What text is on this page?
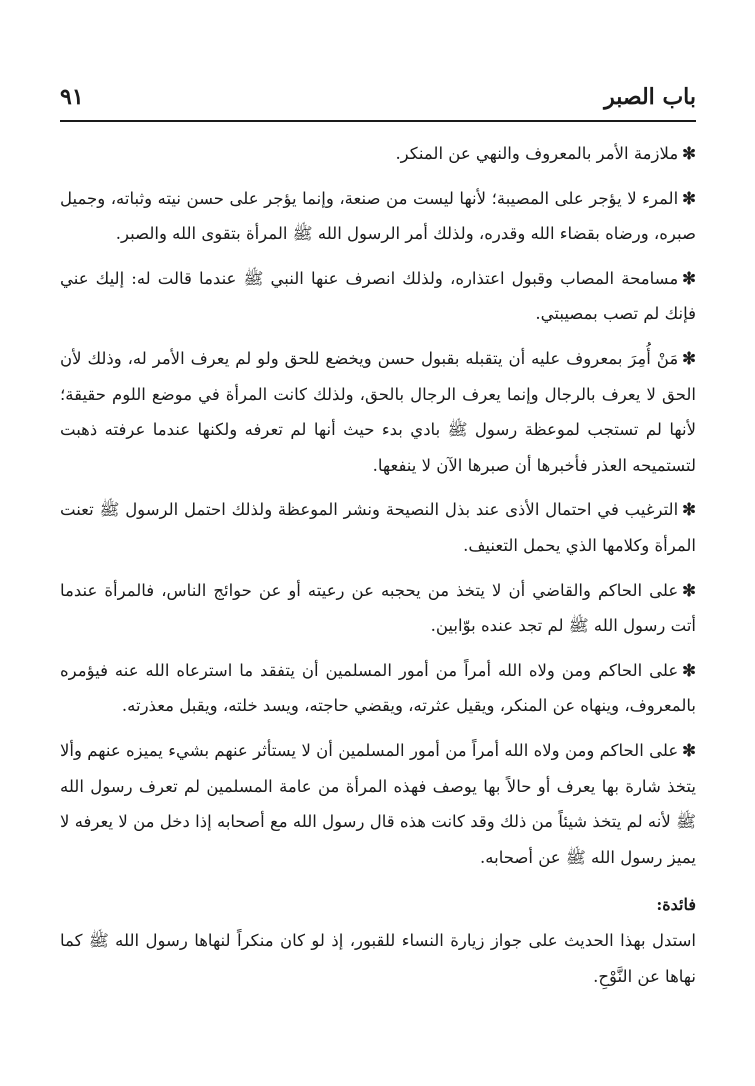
باب الصبر
٩١

✻ملازمة الأمر بالمعروف والنهي عن المنكر.

✻المرء لا يؤجر على المصيبة؛ لأنها ليست من صنعة، وإنما يؤجر على حسن نيته وثباته، وجميل صبره، ورضاه بقضاء الله وقدره، ولذلك أمر الرسول الله ﷺ المرأة بتقوى الله والصبر.

✻مسامحة المصاب وقبول اعتذاره، ولذلك انصرف عنها النبي ﷺ عندما قالت له: إليك عني فإنك لم تصب بمصيبتي.

✻مَنْ أُمِرَ بمعروف عليه أن يتقبله بقبول حسن ويخضع للحق ولو لم يعرف الأمر له، وذلك لأن الحق لا يعرف بالرجال وإنما يعرف الرجال بالحق، ولذلك كانت المرأة في موضع اللوم حقيقة؛ لأنها لم تستجب لموعظة رسول ﷺ بادي بدء حيث أنها لم تعرفه ولكنها عندما عرفته ذهبت لتستميحه العذر فأخبرها أن صبرها الآن لا ينفعها.

✻الترغيب في احتمال الأذى عند بذل النصيحة ونشر الموعظة ولذلك احتمل الرسول ﷺ تعنت المرأة وكلامها الذي يحمل التعنيف.

✻على الحاكم والقاضي أن لا يتخذ من يحجبه عن رعيته أو عن حوائج الناس، فالمرأة عندما أتت رسول الله ﷺ لم تجد عنده بوّابين.

✻على الحاكم ومن ولاه الله أمراً من أمور المسلمين أن يتفقد ما استرعاه الله عنه فيؤمره بالمعروف، وينهاه عن المنكر، ويقيل عثرته، ويقضي حاجته، ويسد خلته، ويقبل معذرته.

✻على الحاكم ومن ولاه الله أمراً من أمور المسلمين أن لا يستأثر عنهم بشيء يميزه عنهم وألا يتخذ شارة بها يعرف أو حالاً بها يوصف فهذه المرأة من عامة المسلمين لم تعرف رسول الله ﷺ لأنه لم يتخذ شيئاً من ذلك وقد كانت هذه قال رسول الله مع أصحابه إذا دخل من لا يعرفه لا يميز رسول الله ﷺ عن أصحابه.

فائدة:

استدل بهذا الحديث على جواز زيارة النساء للقبور، إذ لو كان منكراً لنهاها رسول الله ﷺ كما نهاها عن النَّوْحِ.
